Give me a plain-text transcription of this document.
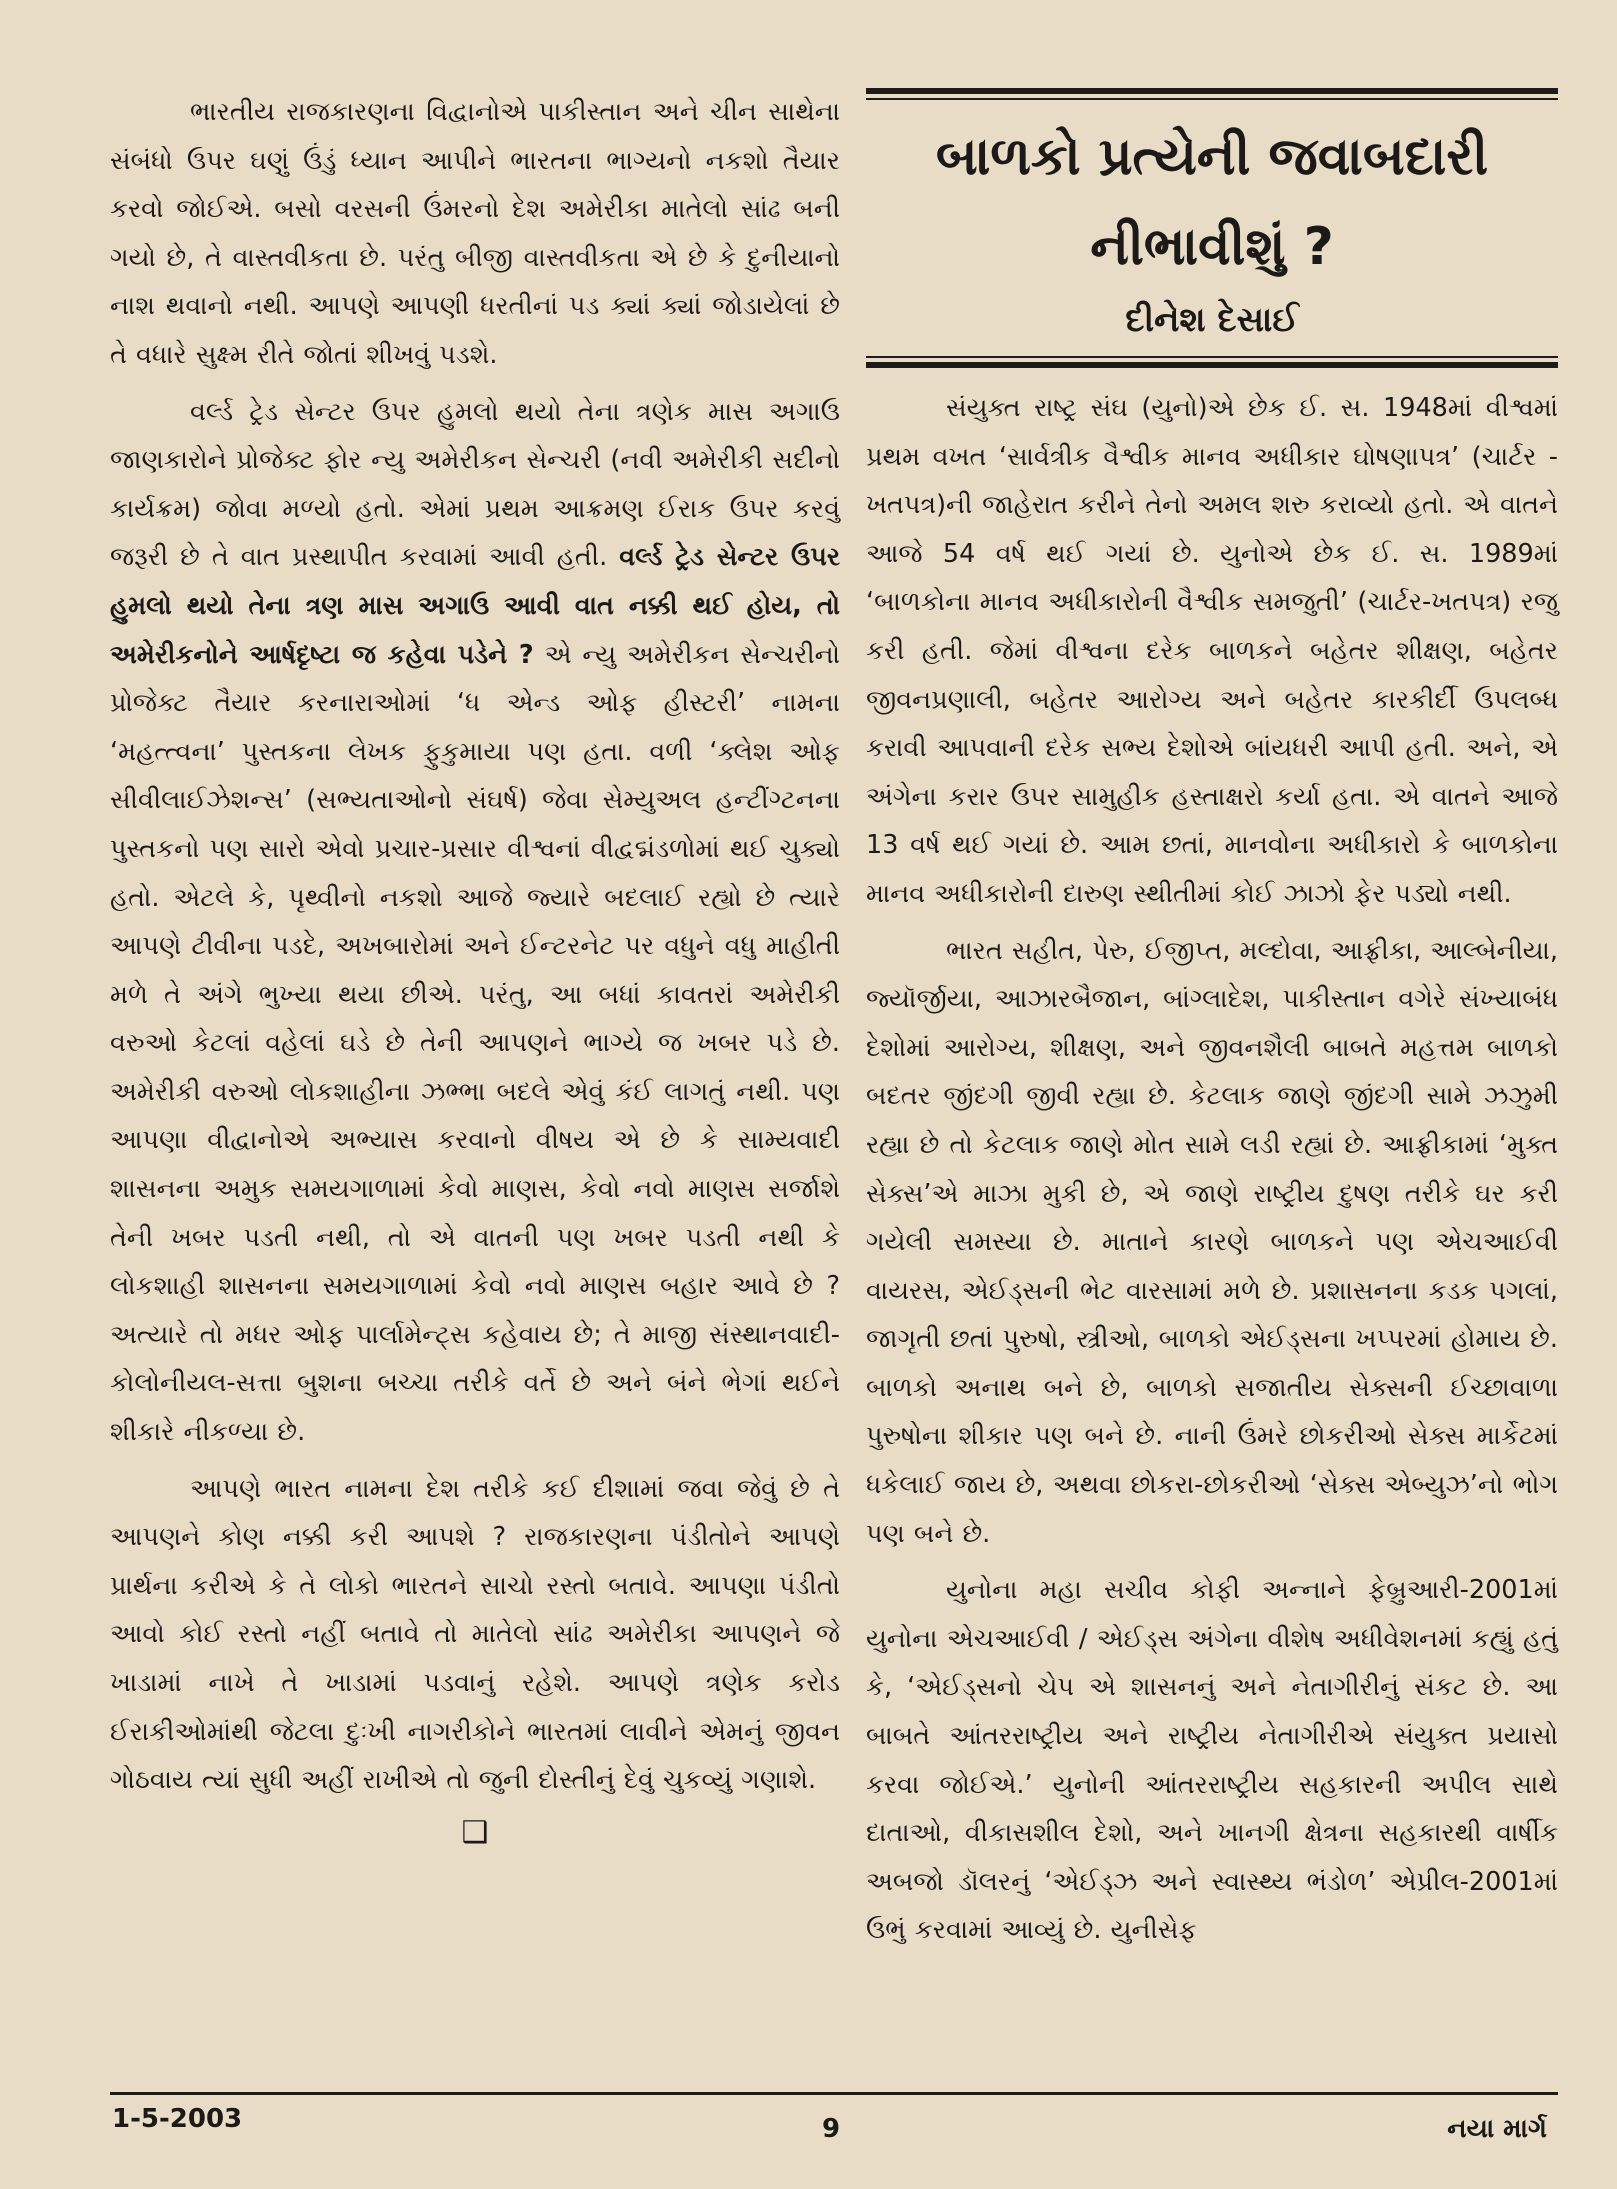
ભારતીય રાજકારણના વિદ્વાનોએ પાકીસ્તાન અને ચીન સાથેના સંબંધો ઉપર ઘણું ઉંડું ધ્યાન આપીને ભારતના ભાગ્યનો નકશો તૈયાર કરવો જોઈએ. બસો વરસની ઉંમરનો દેશ અમેરીકા માતેલો સાંઢ બની ગયો છે, તે વાસ્તવીકતા છે. પરંતુ બીજી વાસ્તવીકતા એ છે કે દુનીયાનો નાશ થવાનો નથી. આપણે આપણી ધરતીનાં પડ ક્યાં ક્યાં જોડાયેલાં છે તે વધારે સુક્ષ્મ રીતે જોતાં શીખવું પડશે.

વર્લ્ડ ટ્રેડ સેન્ટર ઉપર હુમલો થયો તેના ત્રણેક માસ અગાઉ જાણકારોને પ્રોજેક્ટ ફોર ન્યુ અમેરીકન સેન્ચરી (નવી અમેરીકી સદીનો કાર્યક્રમ) જોવા મળ્યો હતો. એમાં પ્રથમ આક્રમણ ઈરાક ઉપર કરવું જરૂરી છે તે વાત પ્રસ્થાપીત કરવામાં આવી હતી. વર્લ્ડ ટ્રેડ સેન્ટર ઉપર હુમલો થયો તેના ત્રણ માસ અગાઉ આવી વાત નક્કી થઈ હોય, તો અમેરીકનોને આર્ષદૃષ્ટા જ કહેવા પડેને ? એ ન્યુ અમેરીકન સેન્ચરીનો પ્રોજેક્ટ તૈયાર કરનારાઓમાં ‘ધ એન્ડ ઓફ હીસ્ટરી’ નામના ‘મહત્ત્વના’ પુસ્તકના લેખક ફુકુમાયા પણ હતા. વળી ‘ક્લેશ ઓફ સીવીલાઈઝેશન્સ’ (સભ્યતાઓનો સંઘર્ષ) જેવા સેમ્યુઅલ હન્ટીંગ્ટનના પુસ્તકનો પણ સારો એવો પ્રચાર-પ્રસાર વીશ્વનાં વીદ્વદ્મંડળોમાં થઈ ચુક્યો હતો. એટલે કે, પૃથ્વીનો નકશો આજે જ્યારે બદલાઈ રહ્યો છે ત્યારે આપણે ટીવીના પડદે, અખબારોમાં અને ઈન્ટરનેટ પર વધુને વધુ માહીતી મળે તે અંગે ભુખ્યા થયા છીએ. પરંતુ, આ બધાં કાવતરાં અમેરીકી વરુઓ કેટલાં વહેલાં ઘડે છે તેની આપણને ભાગ્યે જ ખબર પડે છે. અમેરીકી વરુઓ લોકશાહીના ઝભ્ભા બદલે એવું કંઈ લાગતું નથી. પણ આપણા વીદ્વાનોએ અભ્યાસ કરવાનો વીષય એ છે કે સામ્યવાદી શાસનના અમુક સમયગાળામાં કેવો માણસ, કેવો નવો માણસ સર્જાશે તેની ખબર પડતી નથી, તો એ વાતની પણ ખબર પડતી નથી કે લોકશાહી શાસનના સમયગાળામાં કેવો નવો માણસ બહાર આવે છે ? અત્યારે તો મધર ઓફ પાર્લામેન્ટ્સ કહેવાય છે; તે માજી સંસ્થાનવાદી-કોલોનીયલ-સત્તા બુશના બચ્ચા તરીકે વર્તે છે અને બંને ભેગાં થઈને શીકારે નીકળ્યા છે.

આપણે ભારત નામના દેશ તરીકે કઈ દીશામાં જવા જેવું છે તે આપણને કોણ નક્કી કરી આપશે ? રાજકારણના પંડીતોને આપણે પ્રાર્થના કરીએ કે તે લોકો ભારતને સાચો રસ્તો બતાવે. આપણા પંડીતો આવો કોઈ રસ્તો નહીં બતાવે તો માતેલો સાંઢ અમેરીકા આપણને જે ખાડામાં નાખે તે ખાડામાં પડવાનું રહેશે. આપણે ત્રણેક કરોડ ઈરાકીઓમાંથી જેટલા દુઃખી નાગરીકોને ભારતમાં લાવીને એમનું જીવન ગોઠવાય ત્યાં સુધી અહીં રાખીએ તો જુની દોસ્તીનું દેવું ચુકવ્યું ગણાશે.

❑
બાળકો પ્રત્યેની જવાબદારી
નીભાવીશું ?
દીનેશ દેસાઈ

સંયુક્ત રાષ્ટ્ર સંઘ (યુનો)એ છેક ઈ. સ. 1948માં વીશ્વમાં પ્રથમ વખત ‘સાર્વત્રીક વૈશ્વીક માનવ અધીકાર ઘોષણાપત્ર’ (ચાર્ટર - ખતપત્ર)ની જાહેરાત કરીને તેનો અમલ શરુ કરાવ્યો હતો. એ વાતને આજે 54 વર્ષ થઈ ગયાં છે. યુનોએ છેક ઈ. સ. 1989માં ‘બાળકોના માનવ અધીકારોની વૈશ્વીક સમજુતી’ (ચાર્ટર-ખતપત્ર) રજુ કરી હતી. જેમાં વીશ્વના દરેક બાળકને બહેતર શીક્ષણ, બહેતર જીવનપ્રણાલી, બહેતર આરોગ્ય અને બહેતર કારકીર્દી ઉપલબ્ધ કરાવી આપવાની દરેક સભ્ય દેશોએ બાંયધરી આપી હતી. અને, એ અંગેના કરાર ઉપર સામુહીક હસ્તાક્ષરો કર્યા હતા. એ વાતને આજે 13 વર્ષ થઈ ગયાં છે. આમ છતાં, માનવોના અધીકારો કે બાળકોના માનવ અધીકારોની દારુણ સ્થીતીમાં કોઈ ઝાઝો ફેર પડ્યો નથી.

ભારત સહીત, પેરુ, ઈજીપ્ત, મલ્દોવા, આફ્રીકા, આલ્બેનીયા, જ્યૉર્જીયા, આઝારબૈજાન, બાંગ્લાદેશ, પાકીસ્તાન વગેરે સંખ્યાબંધ દેશોમાં આરોગ્ય, શીક્ષણ, અને જીવનશૈલી બાબતે મહત્તમ બાળકો બદતર જીંદગી જીવી રહ્યા છે. કેટલાક જાણે જીંદગી સામે ઝઝુમી રહ્યા છે તો કેટલાક જાણે મોત સામે લડી રહ્યાં છે. આફ્રીકામાં ‘મુક્ત સેક્સ’એ માઝા મુકી છે, એ જાણે રાષ્ટ્રીય દુષણ તરીકે ઘર કરી ગયેલી સમસ્યા છે. માતાને કારણે બાળકને પણ એચઆઈવી વાયરસ, એઈડ્સની ભેટ વારસામાં મળે છે. પ્રશાસનના કડક પગલાં, જાગૃતી છતાં પુરુષો, સ્ત્રીઓ, બાળકો એઈડ્સના ખપ્પરમાં હોમાય છે. બાળકો અનાથ બને છે, બાળકો સજાતીય સેક્સની ઈચ્છાવાળા પુરુષોના શીકાર પણ બને છે. નાની ઉંમરે છોકરીઓ સેક્સ માર્કેટમાં ધકેલાઈ જાય છે, અથવા છોકરા-છોકરીઓ ‘સેક્સ એબ્યુઝ’નો ભોગ પણ બને છે.

યુનોના મહા સચીવ કોફી અન્નાને ફેબ્રુઆરી-2001માં યુનોના એચઆઈવી / એઈડ્સ અંગેના વીશેષ અધીવેશનમાં કહ્યું હતું કે, ‘એઈડ્સનો ચેપ એ શાસનનું અને નેતાગીરીનું સંકટ છે. આ બાબતે આંતરરાષ્ટ્રીય અને રાષ્ટ્રીય નેતાગીરીએ સંયુક્ત પ્રયાસો કરવા જોઈએ.’ યુનોની આંતરરાષ્ટ્રીય સહકારની અપીલ સાથે દાતાઓ, વીકાસશીલ દેશો, અને ખાનગી ક્ષેત્રના સહકારથી વાર્ષીક અબજો ડૉલરનું ‘એઈડ્ઝ અને સ્વાસ્થ્ય ભંડોળ’ એપ્રીલ-2001માં ઉભું કરવામાં આવ્યું છે. યુનીસેફ

1-5-2003	9	નયા માર્ગ
